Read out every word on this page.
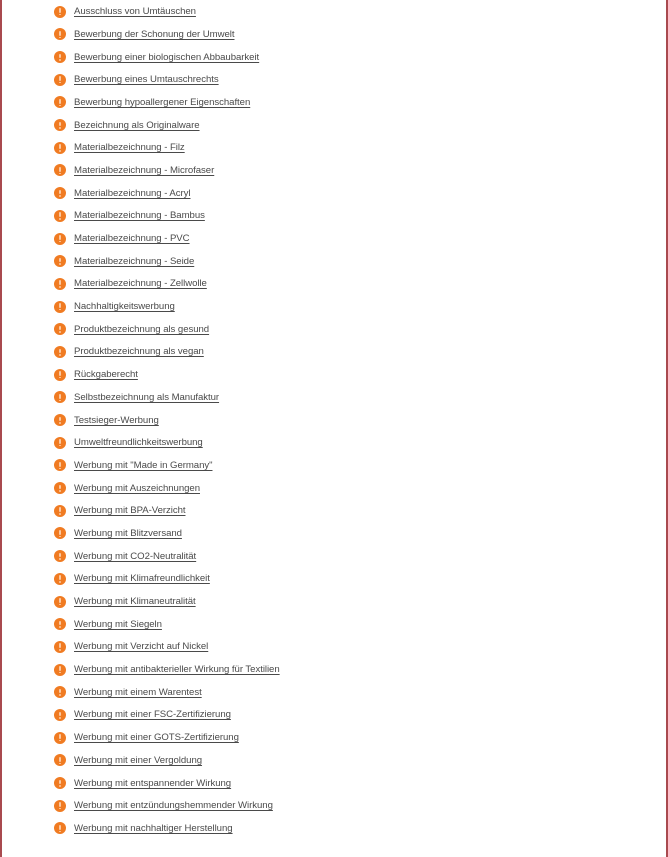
Ausschluss von Umtäuschen
Bewerbung der Schonung der Umwelt
Bewerbung einer biologischen Abbaubarkeit
Bewerbung eines Umtauschrechts
Bewerbung hypoallergener Eigenschaften
Bezeichnung als Originalware
Materialbezeichnung - Filz
Materialbezeichnung - Microfaser
Materialbezeichnung - Acryl
Materialbezeichnung - Bambus
Materialbezeichnung - PVC
Materialbezeichnung - Seide
Materialbezeichnung - Zellwolle
Nachhaltigkeitswerbung
Produktbezeichnung als gesund
Produktbezeichnung als vegan
Rückgaberecht
Selbstbezeichnung als Manufaktur
Testsieger-Werbung
Umweltfreundlichkeitswerbung
Werbung mit "Made in Germany"
Werbung mit Auszeichnungen
Werbung mit BPA-Verzicht
Werbung mit Blitzversand
Werbung mit CO2-Neutralität
Werbung mit Klimafreundlichkeit
Werbung mit Klimaneutralität
Werbung mit Siegeln
Werbung mit Verzicht auf Nickel
Werbung mit antibakterieller Wirkung für Textilien
Werbung mit einem Warentest
Werbung mit einer FSC-Zertifizierung
Werbung mit einer GOTS-Zertifizierung
Werbung mit einer Vergoldung
Werbung mit entspannender Wirkung
Werbung mit entzündungshemmender Wirkung
Werbung mit nachhaltiger Herstellung
